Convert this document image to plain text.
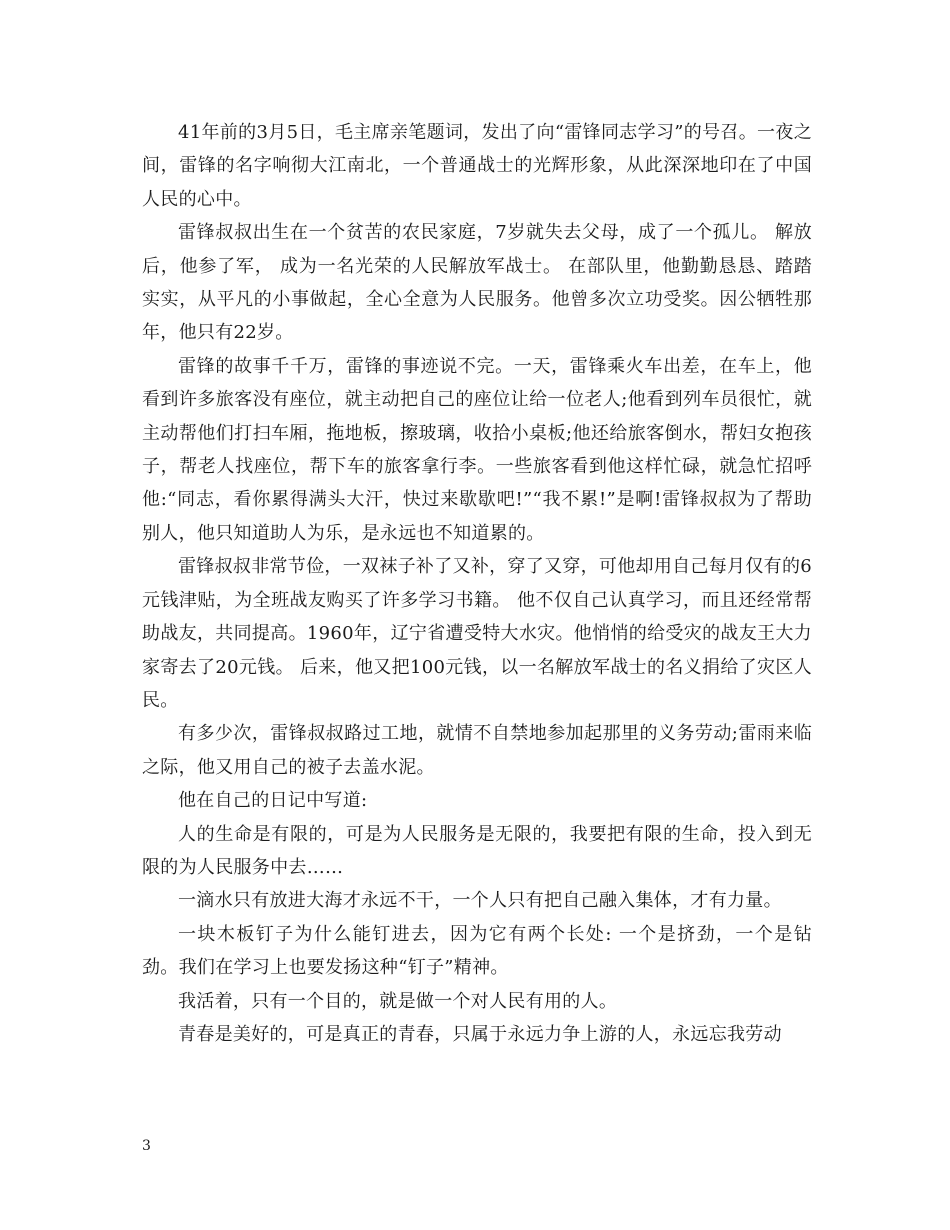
41年前的3月5日，毛主席亲笔题词，发出了向“雷锋同志学习”的号召。一夜之间，雷锋的名字响彻大江南北，一个普通战士的光辉形象，从此深深地印在了中国人民的心中。

雷锋叔叔出生在一个贫苦的农民家庭，7岁就失去父母，成了一个孤儿。 解放后，他参了军， 成为一名光荣的人民解放军战士。 在部队里，他勤勤恳恳、踏踏实实，从平凡的小事做起，全心全意为人民服务。他曾多次立功受奖。因公牺牲那年，他只有22岁。

雷锋的故事千千万，雷锋的事迹说不完。一天，雷锋乘火车出差，在车上，他看到许多旅客没有座位，就主动把自己的座位让给一位老人;他看到列车员很忙，就主动帮他们打扫车厢，拖地板，擦玻璃，收拾小桌板;他还给旅客倒水，帮妇女抱孩子，帮老人找座位，帮下车的旅客拿行李。一些旅客看到他这样忙碌，就急忙招呼他:“同志，看你累得满头大汗，快过来歇歇吧!”“我不累!”是啊!雷锋叔叔为了帮助别人，他只知道助人为乐，是永远也不知道累的。

雷锋叔叔非常节俭，一双袜子补了又补，穿了又穿，可他却用自己每月仅有的6元钱津贴，为全班战友购买了许多学习书籍。 他不仅自己认真学习，而且还经常帮助战友，共同提高。1960年，辽宁省遭受特大水灾。他悄悄的给受灾的战友王大力家寄去了20元钱。 后来，他又把100元钱，以一名解放军战士的名义捐给了灾区人民。

有多少次，雷锋叔叔路过工地，就情不自禁地参加起那里的义务劳动;雷雨来临之际，他又用自己的被子去盖水泥。

他在自己的日记中写道:

人的生命是有限的，可是为人民服务是无限的，我要把有限的生命，投入到无限的为人民服务中去……

一滴水只有放进大海才永远不干，一个人只有把自己融入集体，才有力量。

一块木板钉子为什么能钉进去，因为它有两个长处: 一个是挤劲，一个是钻劲。我们在学习上也要发扬这种“钉子”精神。

我活着，只有一个目的，就是做一个对人民有用的人。

青春是美好的，可是真正的青春，只属于永远力争上游的人，永远忘我劳动

3
